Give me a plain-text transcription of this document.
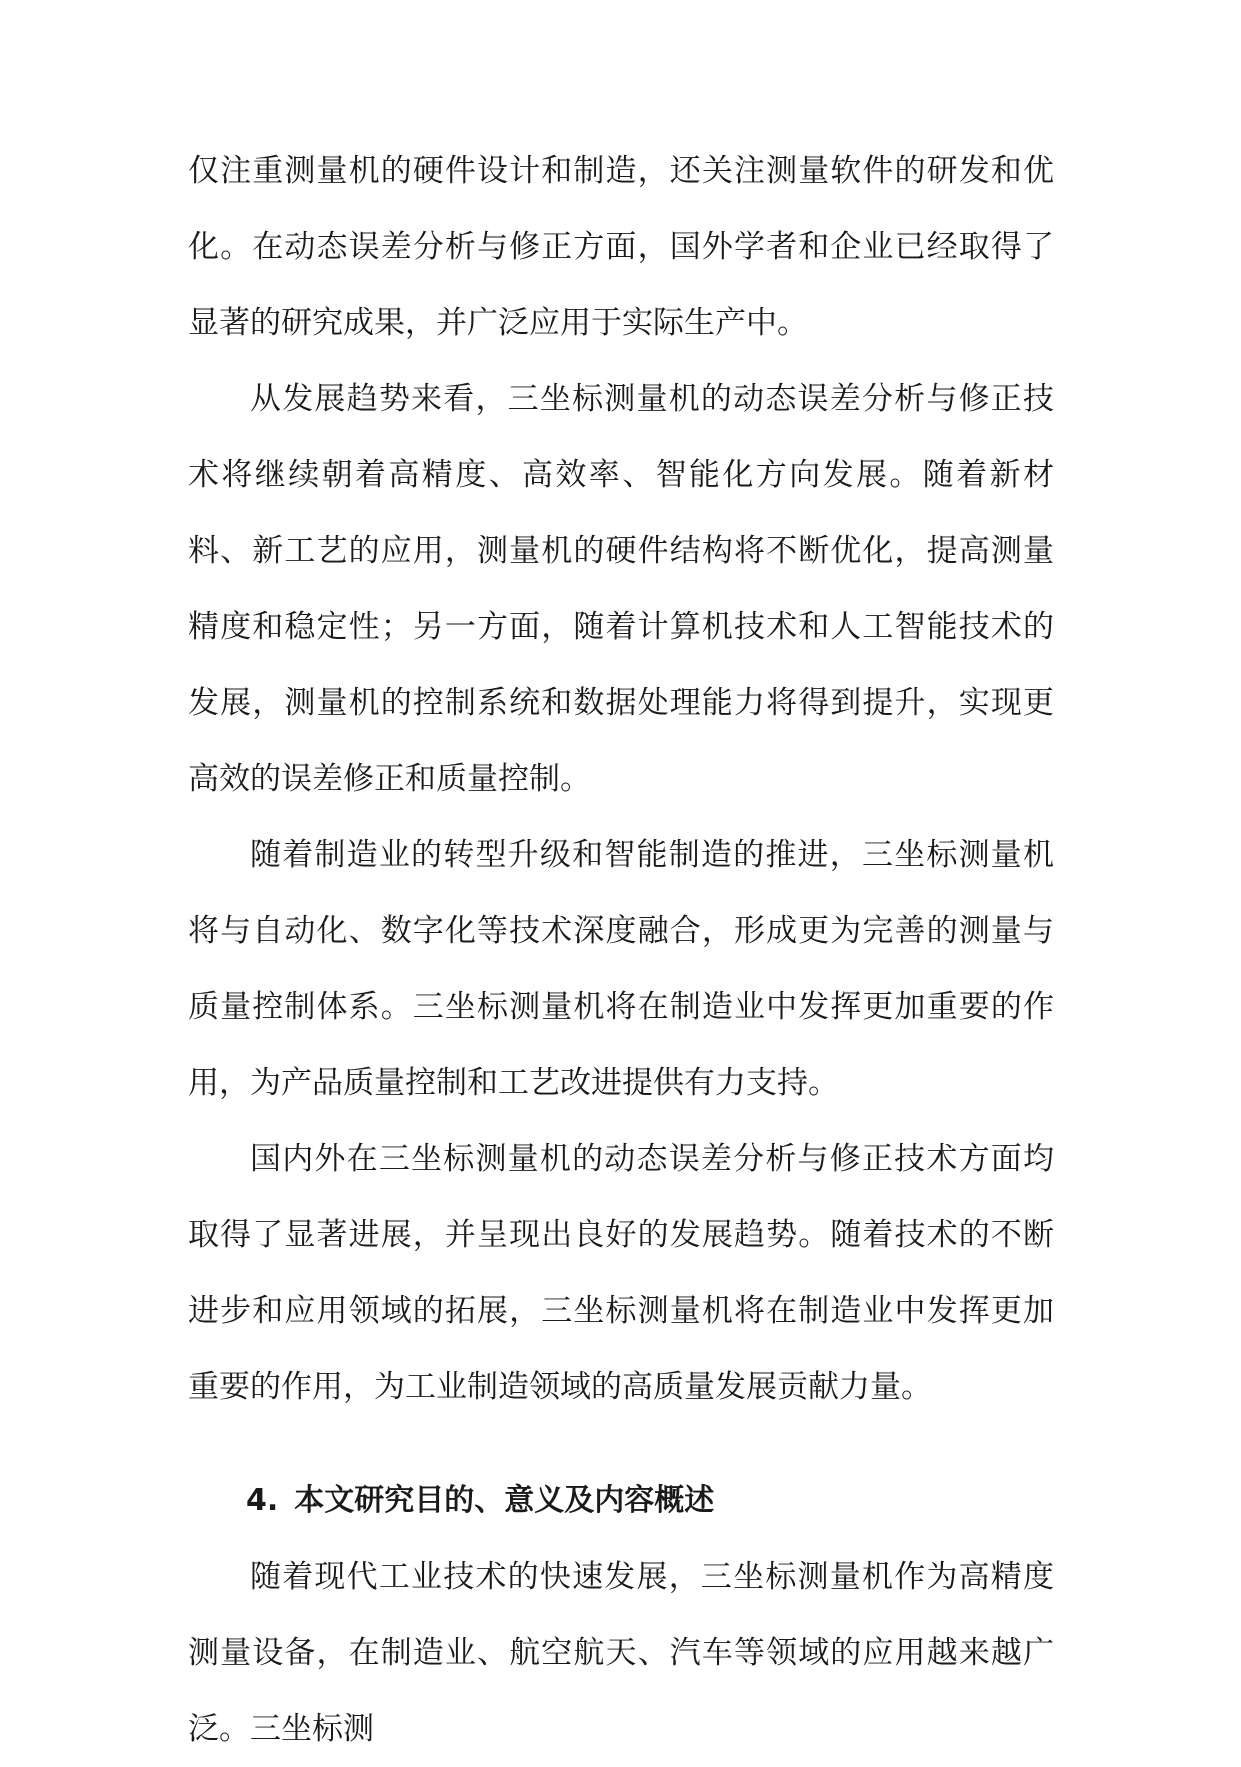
仅注重测量机的硬件设计和制造，还关注测量软件的研发和优化。在动态误差分析与修正方面，国外学者和企业已经取得了显著的研究成果，并广泛应用于实际生产中。

从发展趋势来看，三坐标测量机的动态误差分析与修正技术将继续朝着高精度、高效率、智能化方向发展。随着新材料、新工艺的应用，测量机的硬件结构将不断优化，提高测量精度和稳定性；另一方面，随着计算机技术和人工智能技术的发展，测量机的控制系统和数据处理能力将得到提升，实现更高效的误差修正和质量控制。

随着制造业的转型升级和智能制造的推进，三坐标测量机将与自动化、数字化等技术深度融合，形成更为完善的测量与质量控制体系。三坐标测量机将在制造业中发挥更加重要的作用，为产品质量控制和工艺改进提供有力支持。

国内外在三坐标测量机的动态误差分析与修正技术方面均取得了显著进展，并呈现出良好的发展趋势。随着技术的不断进步和应用领域的拓展，三坐标测量机将在制造业中发挥更加重要的作用，为工业制造领域的高质量发展贡献力量。

4. 本文研究目的、意义及内容概述

随着现代工业技术的快速发展，三坐标测量机作为高精度测量设备，在制造业、航空航天、汽车等领域的应用越来越广泛。三坐标测
